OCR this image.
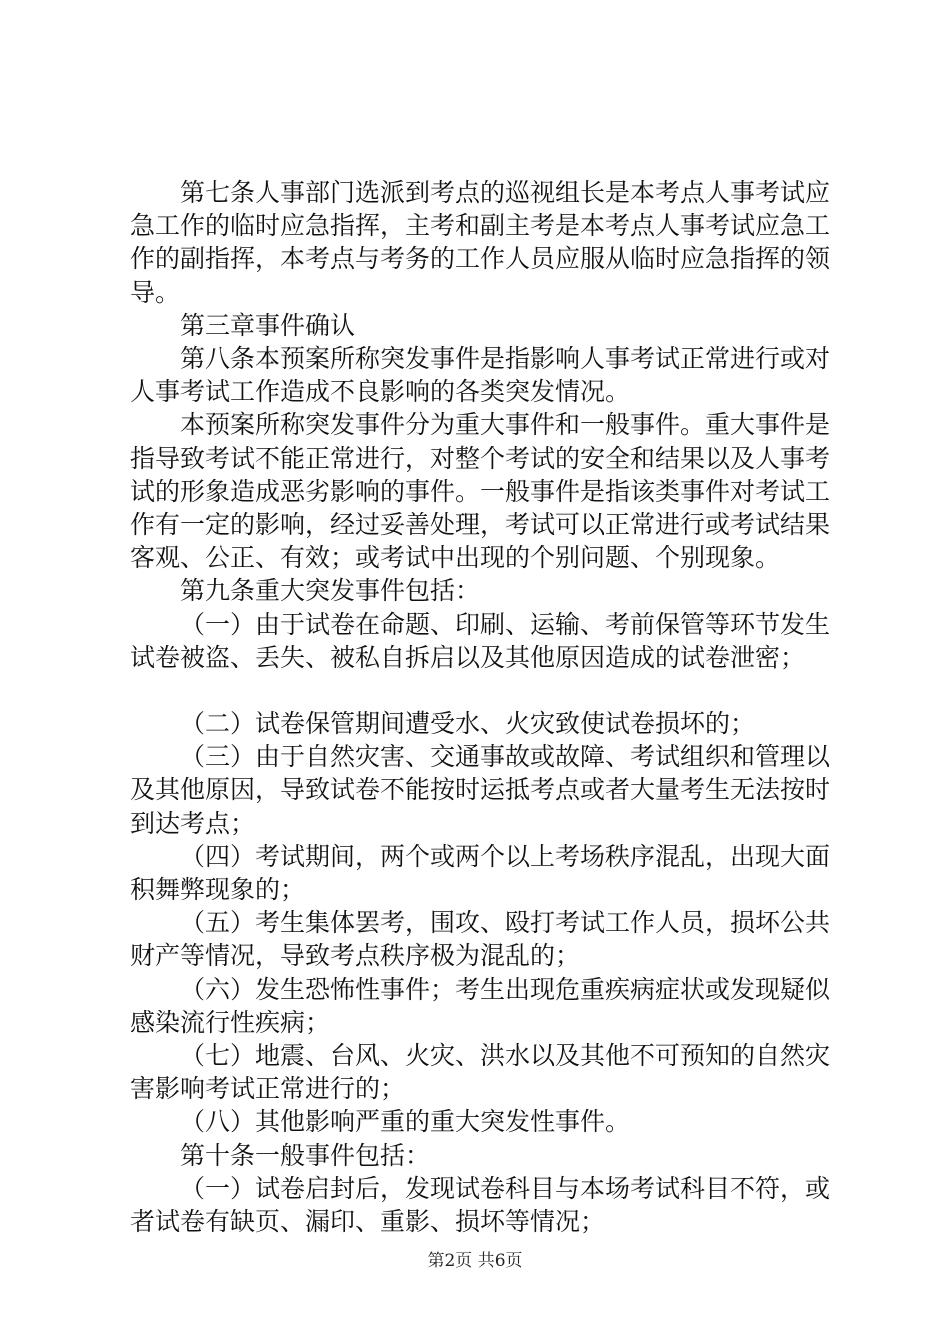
第七条人事部门选派到考点的巡视组长是本考点人事考试应急工作的临时应急指挥，主考和副主考是本考点人事考试应急工作的副指挥，本考点与考务的工作人员应服从临时应急指挥的领导。

第三章事件确认

第八条本预案所称突发事件是指影响人事考试正常进行或对人事考试工作造成不良影响的各类突发情况。

本预案所称突发事件分为重大事件和一般事件。重大事件是指导致考试不能正常进行，对整个考试的安全和结果以及人事考试的形象造成恶劣影响的事件。一般事件是指该类事件对考试工作有一定的影响，经过妥善处理，考试可以正常进行或考试结果客观、公正、有效；或考试中出现的个别问题、个别现象。

第九条重大突发事件包括：

（一）由于试卷在命题、印刷、运输、考前保管等环节发生试卷被盗、丢失、被私自拆启以及其他原因造成的试卷泄密；

（二）试卷保管期间遭受水、火灾致使试卷损坏的；

（三）由于自然灾害、交通事故或故障、考试组织和管理以及其他原因，导致试卷不能按时运抵考点或者大量考生无法按时到达考点；

（四）考试期间，两个或两个以上考场秩序混乱，出现大面积舞弊现象的；

（五）考生集体罢考，围攻、殴打考试工作人员，损坏公共财产等情况，导致考点秩序极为混乱的；

（六）发生恐怖性事件；考生出现危重疾病症状或发现疑似感染流行性疾病；

（七）地震、台风、火灾、洪水以及其他不可预知的自然灾害影响考试正常进行的；

（八）其他影响严重的重大突发性事件。

第十条一般事件包括：

（一）试卷启封后，发现试卷科目与本场考试科目不符，或者试卷有缺页、漏印、重影、损坏等情况；

第2页 共6页
